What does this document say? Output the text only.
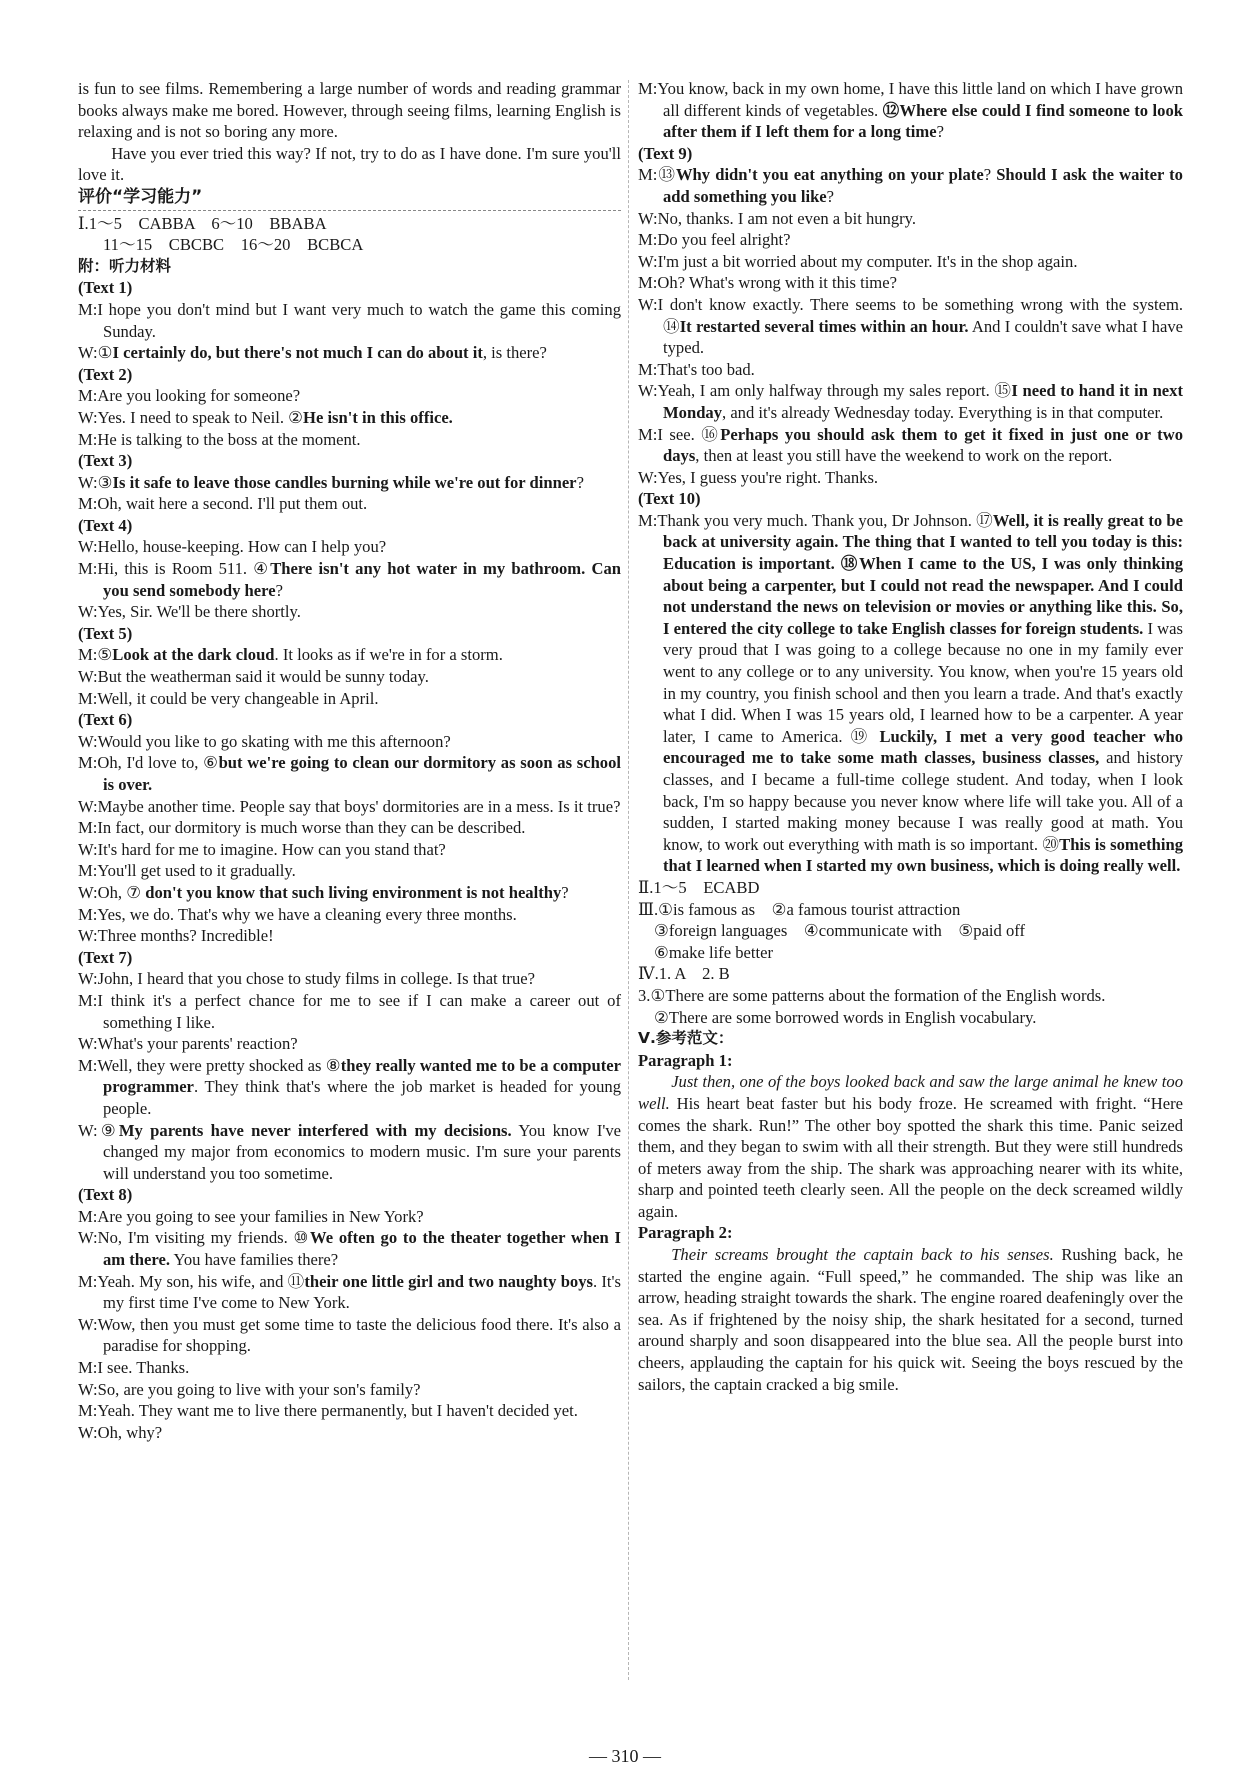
is fun to see films. Remembering a large number of words and reading grammar books always make me bored. However, through seeing films, learning English is relaxing and is not so boring any more.

Have you ever tried this way? If not, try to do as I have done. I'm sure you'll love it.

评价“学习能力”

Ⅰ.1～5　CABBA　6～10　BBABA

11～15　CBCBC　16～20　BCBCA

附：听力材料

(Text 1)

M:I hope you don't mind but I want very much to watch the game this coming Sunday.

W:①I certainly do, but there's not much I can do about it, is there?

(Text 2)

M:Are you looking for someone?

W:Yes. I need to speak to Neil. ②He isn't in this office.

M:He is talking to the boss at the moment.

(Text 3)

W:③Is it safe to leave those candles burning while we're out for dinner?

M:Oh, wait here a second. I'll put them out.

(Text 4)

W:Hello, house-keeping. How can I help you?

M:Hi, this is Room 511. ④There isn't any hot water in my bathroom. Can you send somebody here?

W:Yes, Sir. We'll be there shortly.

(Text 5)

M:⑤Look at the dark cloud. It looks as if we're in for a storm.

W:But the weatherman said it would be sunny today.

M:Well, it could be very changeable in April.

(Text 6)

W:Would you like to go skating with me this afternoon?

M:Oh, I'd love to, ⑥but we're going to clean our dormitory as soon as school is over.

W:Maybe another time. People say that boys' dormitories are in a mess. Is it true?

M:In fact, our dormitory is much worse than they can be described.

W:It's hard for me to imagine. How can you stand that?

M:You'll get used to it gradually.

W:Oh, ⑦ don't you know that such living environment is not healthy?

M:Yes, we do. That's why we have a cleaning every three months.

W:Three months? Incredible!

(Text 7)

W:John, I heard that you chose to study films in college. Is that true?

M:I think it's a perfect chance for me to see if I can make a career out of something I like.

W:What's your parents' reaction?

M:Well, they were pretty shocked as ⑧they really wanted me to be a computer programmer. They think that's where the job market is headed for young people.

W:⑨My parents have never interfered with my decisions. You know I've changed my major from economics to modern music. I'm sure your parents will understand you too sometime.

(Text 8)

M:Are you going to see your families in New York?

W:No, I'm visiting my friends. ⑩We often go to the theater together when I am there. You have families there?

M:Yeah. My son, his wife, and ⑪their one little girl and two naughty boys. It's my first time I've come to New York.

W:Wow, then you must get some time to taste the delicious food there. It's also a paradise for shopping.

M:I see. Thanks.

W:So, are you going to live with your son's family?

M:Yeah. They want me to live there permanently, but I haven't decided yet.

W:Oh, why?

M:You know, back in my own home, I have this little land on which I have grown all different kinds of vegetables. ⑫Where else could I find someone to look after them if I left them for a long time?

(Text 9)

M:⑬Why didn't you eat anything on your plate? Should I ask the waiter to add something you like?

W:No, thanks. I am not even a bit hungry.

M:Do you feel alright?

W:I'm just a bit worried about my computer. It's in the shop again.

M:Oh? What's wrong with it this time?

W:I don't know exactly. There seems to be something wrong with the system. ⑭It restarted several times within an hour. And I couldn't save what I have typed.

M:That's too bad.

W:Yeah, I am only halfway through my sales report. ⑮I need to hand it in next Monday, and it's already Wednesday today. Everything is in that computer.

M:I see. ⑯Perhaps you should ask them to get it fixed in just one or two days, then at least you still have the weekend to work on the report.

W:Yes, I guess you're right. Thanks.

(Text 10)

M:Thank you very much. Thank you, Dr Johnson. ⑰Well, it is really great to be back at university again. The thing that I wanted to tell you today is this: Education is important. ⑱When I came to the US, I was only thinking about being a carpenter, but I could not read the newspaper. And I could not understand the news on television or movies or anything like this. So, I entered the city college to take English classes for foreign students. I was very proud that I was going to a college because no one in my family ever went to any college or to any university. You know, when you're 15 years old in my country, you finish school and then you learn a trade. And that's exactly what I did. When I was 15 years old, I learned how to be a carpenter. A year later, I came to America. ⑲ Luckily, I met a very good teacher who encouraged me to take some math classes, business classes, and history classes, and I became a full-time college student. And today, when I look back, I'm so happy because you never know where life will take you. All of a sudden, I started making money because I was really good at math. You know, to work out everything with math is so important. ⑳This is something that I learned when I started my own business, which is doing really well.

Ⅱ.1～5　ECABD

Ⅲ.①is famous as　②a famous tourist attraction

③foreign languages　④communicate with　⑤paid off

⑥make life better

Ⅳ.1. A　2. B

3.①There are some patterns about the formation of the English words.

②There are some borrowed words in English vocabulary.

Ⅴ.参考范文：

Paragraph 1:

Just then, one of the boys looked back and saw the large animal he knew too well. His heart beat faster but his body froze. He screamed with fright. “Here comes the shark. Run!” The other boy spotted the shark this time. Panic seized them, and they began to swim with all their strength. But they were still hundreds of meters away from the ship. The shark was approaching nearer with its white, sharp and pointed teeth clearly seen. All the people on the deck screamed wildly again.

Paragraph 2:

Their screams brought the captain back to his senses. Rushing back, he started the engine again. “Full speed,” he commanded. The ship was like an arrow, heading straight towards the shark. The engine roared deafeningly over the sea. As if frightened by the noisy ship, the shark hesitated for a second, turned around sharply and soon disappeared into the blue sea. All the people burst into cheers, applauding the captain for his quick wit. Seeing the boys rescued by the sailors, the captain cracked a big smile.

— 310 —
